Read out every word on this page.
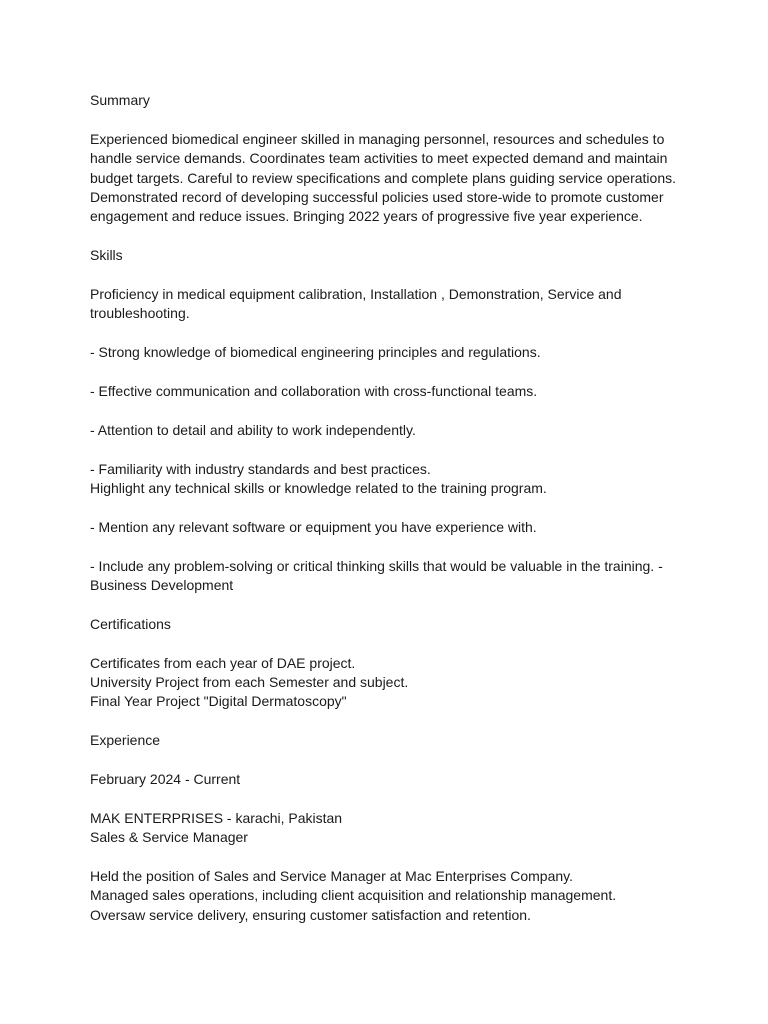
Summary

Experienced biomedical engineer skilled in managing personnel, resources and schedules to
handle service demands. Coordinates team activities to meet expected demand and maintain
budget targets. Careful to review specifications and complete plans guiding service operations.
Demonstrated record of developing successful policies used store-wide to promote customer
engagement and reduce issues. Bringing 2022 years of progressive five year experience.

Skills

Proficiency in medical equipment calibration, Installation , Demonstration, Service and
troubleshooting.

- Strong knowledge of biomedical engineering principles and regulations.

- Effective communication and collaboration with cross-functional teams.

- Attention to detail and ability to work independently.

- Familiarity with industry standards and best practices.
Highlight any technical skills or knowledge related to the training program.

- Mention any relevant software or equipment you have experience with.

- Include any problem-solving or critical thinking skills that would be valuable in the training. -
Business Development

Certifications

Certificates from each year of DAE project.
University Project from each Semester and subject.
Final Year Project "Digital Dermatoscopy"

Experience

February 2024 - Current

MAK ENTERPRISES - karachi, Pakistan
Sales & Service Manager

Held the position of Sales and Service Manager at Mac Enterprises Company.
Managed sales operations, including client acquisition and relationship management.
Oversaw service delivery, ensuring customer satisfaction and retention.
